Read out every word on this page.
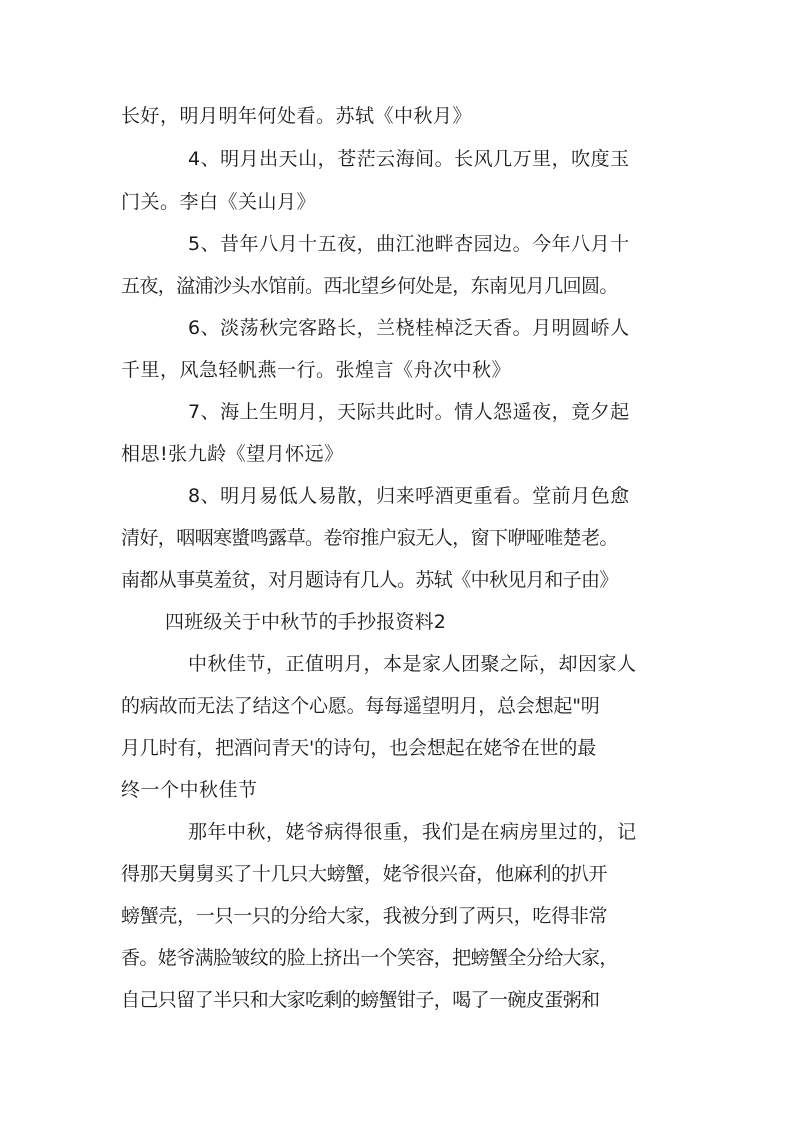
长好，明月明年何处看。苏轼《中秋月》
4、明月出天山，苍茫云海间。长风几万里，吹度玉
门关。李白《关山月》
5、昔年八月十五夜，曲江池畔杏园边。今年八月十
五夜，湓浦沙头水馆前。西北望乡何处是，东南见月几回圆。
6、淡荡秋完客路长，兰桡桂棹泛天香。月明圆峤人
千里，风急轻帆燕一行。张煌言《舟次中秋》
7、海上生明月，天际共此时。情人怨遥夜，竟夕起
相思!张九龄《望月怀远》
8、明月易低人易散，归来呼酒更重看。堂前月色愈
清好，咽咽寒螿鸣露草。卷帘推户寂无人，窗下咿哑唯楚老。
南都从事莫羞贫，对月题诗有几人。苏轼《中秋见月和子由》
四班级关于中秋节的手抄报资料2
中秋佳节，正值明月，本是家人团聚之际，却因家人
的病故而无法了结这个心愿。每每遥望明月，总会想起"明
月几时有，把酒问青天'的诗句，也会想起在姥爷在世的最
终一个中秋佳节
那年中秋，姥爷病得很重，我们是在病房里过的，记
得那天舅舅买了十几只大螃蟹，姥爷很兴奋，他麻利的扒开
螃蟹壳，一只一只的分给大家，我被分到了两只，吃得非常
香。姥爷满脸皱纹的脸上挤出一个笑容，把螃蟹全分给大家，
自己只留了半只和大家吃剩的螃蟹钳子，喝了一碗皮蛋粥和
